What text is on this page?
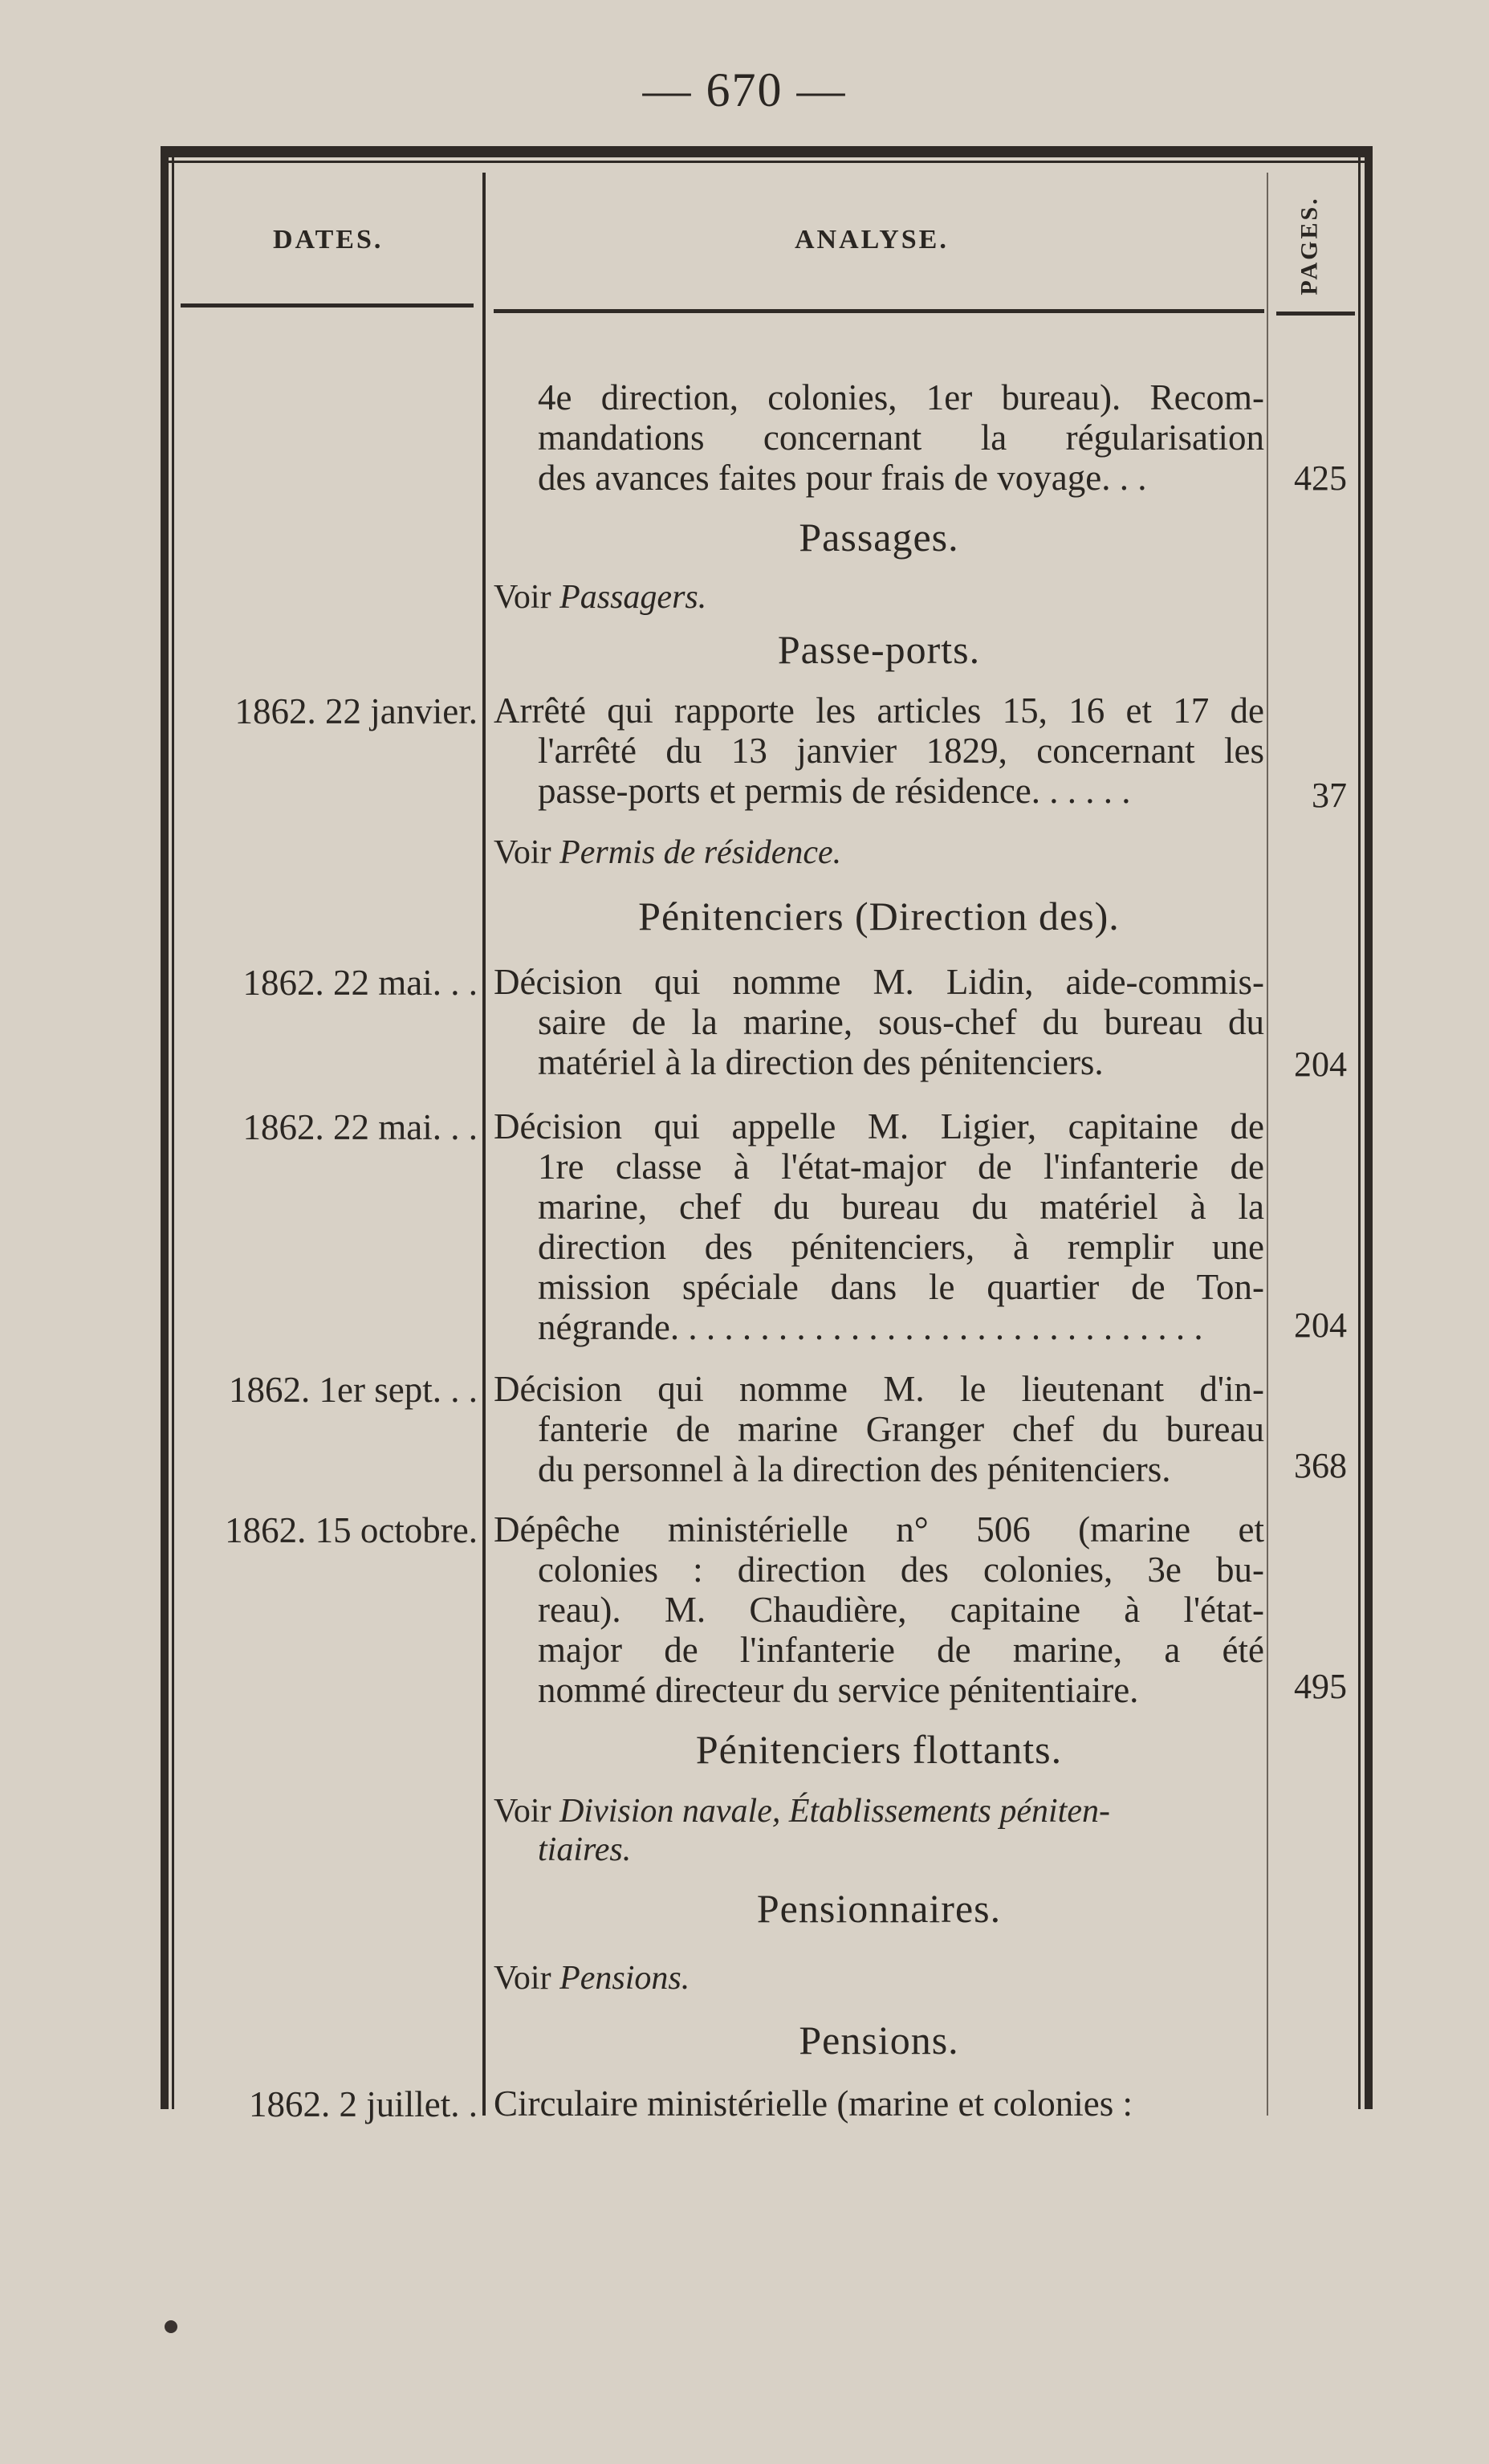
— 670 —
DATES.	ANALYSE.	PAGES.
4e direction, colonies, 1er bureau). Recom-
mandations concernant la régularisation
des avances faites pour frais de voyage. . .	425
Passages.
Voir Passagers.
Passe-ports.
1862. 22 janvier. Arrêté qui rapporte les articles 15, 16 et 17 de
l'arrêté du 13 janvier 1829, concernant les
passe-ports et permis de résidence. . . . . .	37
Voir Permis de résidence.
Pénitenciers (Direction des).
1862. 22 mai. . . Décision qui nomme M. Lidin, aide-commis-
saire de la marine, sous-chef du bureau du
matériel à la direction des pénitenciers.	204
1862. 22 mai. . . Décision qui appelle M. Ligier, capitaine de
1re classe à l'état-major de l'infanterie de
marine, chef du bureau du matériel à la
direction des pénitenciers, à remplir une
mission spéciale dans le quartier de Ton-
négrande. . . . . . . . . . . . . . . . . . . . . . . . . . . . . .	204
1862. 1er sept. . . Décision qui nomme M. le lieutenant d'in-
fanterie de marine Granger chef du bureau
du personnel à la direction des pénitenciers.	368
1862. 15 octobre. Dépêche ministérielle n° 506 (marine et
colonies : direction des colonies, 3e bu-
reau). M. Chaudière, capitaine à l'état-
major de l'infanterie de marine, a été
nommé directeur du service pénitentiaire.	495
Pénitenciers flottants.
Voir Division navale, Établissements péniten-
tiaires.
Pensionnaires.
Voir Pensions.
Pensions.
1862. 2 juillet. . Circulaire ministérielle (marine et colonies :
